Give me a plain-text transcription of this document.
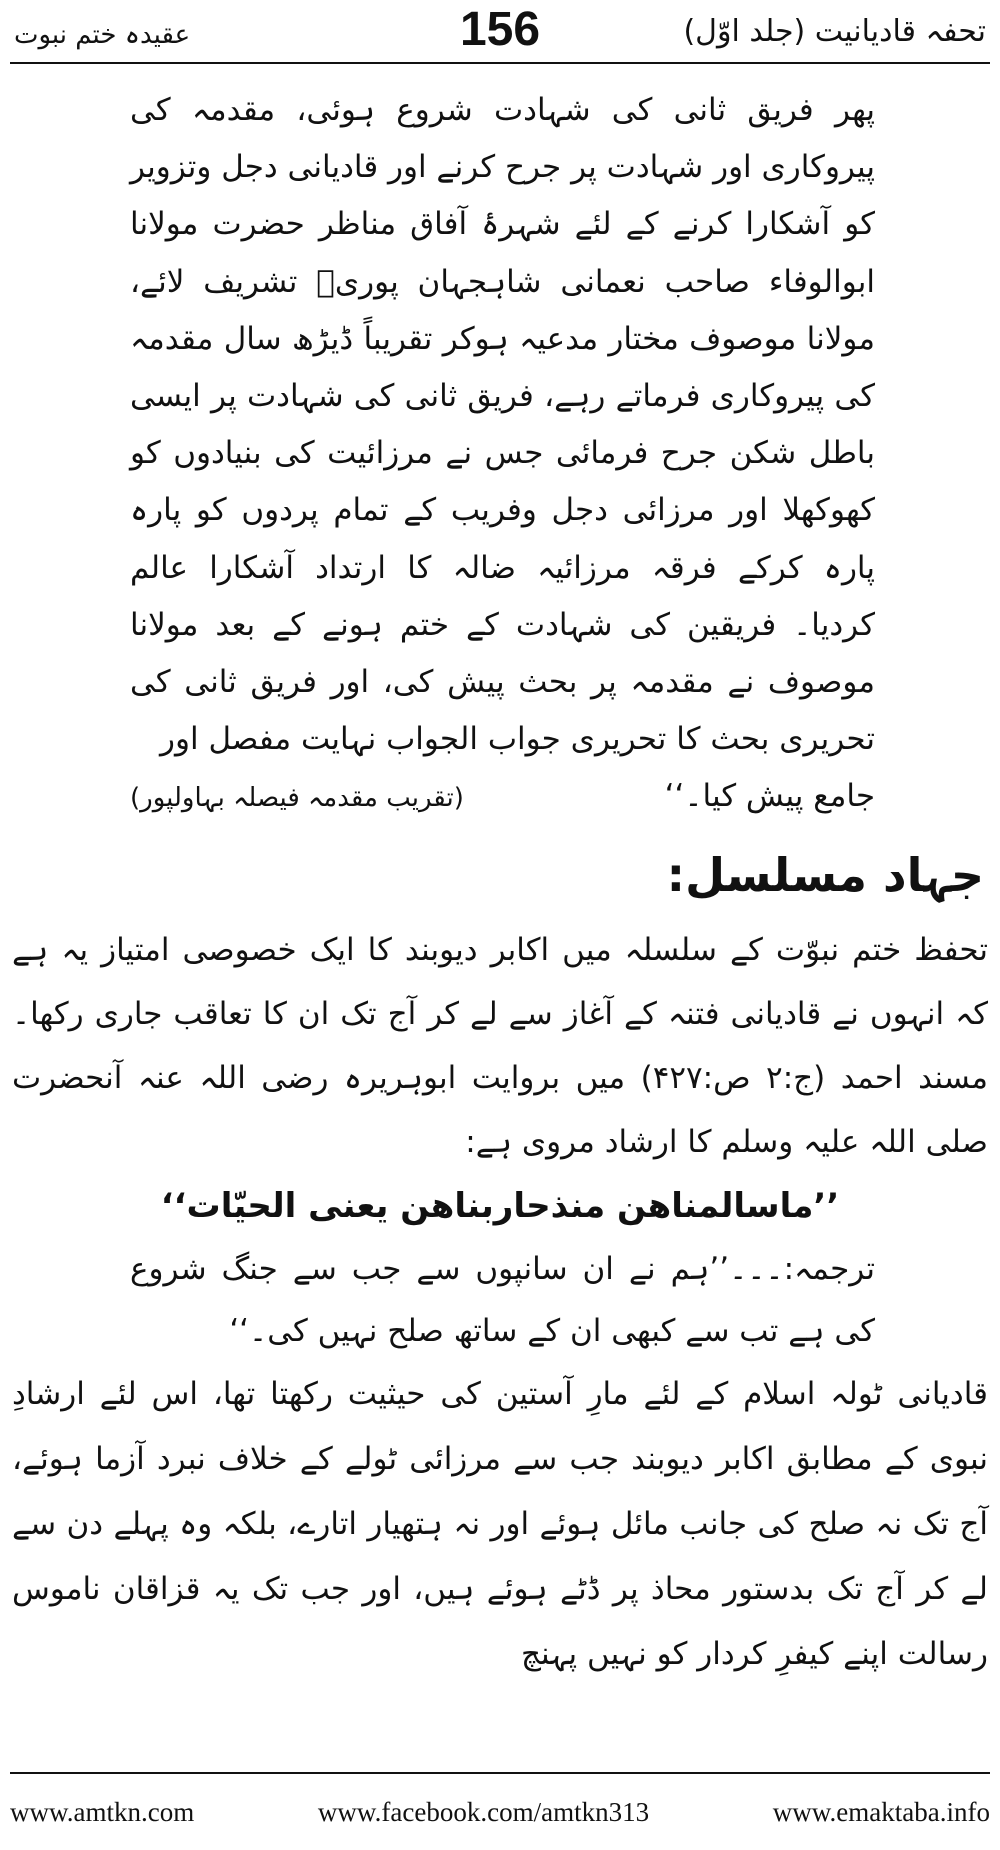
عقیدہ ختم نبوت	156	تحفہ قادیانیت (جلد اوّل)
پھر فریق ثانی کی شہادت شروع ہوئی، مقدمہ کی پیروکاری اور شہادت پر جرح کرنے اور قادیانی دجل وتزویر کو آشکارا کرنے کے لئے شہرۂ آفاق مناظر حضرت مولانا ابوالوفاء صاحب نعمانی شاہجہان پوریؒ تشریف لائے، مولانا موصوف مختار مدعیہ ہوکر تقریباً ڈیڑھ سال مقدمہ کی پیروکاری فرماتے رہے، فریق ثانی کی شہادت پر ایسی باطل شکن جرح فرمائی جس نے مرزائیت کی بنیادوں کو کھوکھلا اور مرزائی دجل وفریب کے تمام پردوں کو پارہ پارہ کرکے فرقہ مرزائیہ ضالہ کا ارتداد آشکارا عالم کردیا۔ فریقین کی شہادت کے ختم ہونے کے بعد مولانا موصوف نے مقدمہ پر بحث پیش کی، اور فریق ثانی کی تحریری بحث کا تحریری جواب الجواب نہایت مفصل اور
جامع پیش کیا۔‘‘
(تقریب مقدمہ فیصلہ بہاولپور)
جہاد مسلسل:

تحفظ ختم نبوّت کے سلسلہ میں اکابر دیوبند کا ایک خصوصی امتیاز یہ ہے کہ انہوں نے قادیانی فتنہ کے آغاز سے لے کر آج تک ان کا تعاقب جاری رکھا۔ مسند احمد (ج:۲ ص:۴۲۷) میں بروایت ابوہریرہ رضی اللہ عنہ آنحضرت صلی اللہ علیہ وسلم کا ارشاد مروی ہے:

’’ماسالمناهن منذحاربناهن يعنى الحيّات‘‘

ترجمہ:۔۔۔’’ہم نے ان سانپوں سے جب سے جنگ شروع کی ہے تب سے کبھی ان کے ساتھ صلح نہیں کی۔‘‘

قادیانی ٹولہ اسلام کے لئے مارِ آستین کی حیثیت رکھتا تھا، اس لئے ارشادِ نبوی کے مطابق اکابر دیوبند جب سے مرزائی ٹولے کے خلاف نبرد آزما ہوئے، آج تک نہ صلح کی جانب مائل ہوئے اور نہ ہتھیار اتارے، بلکہ وہ پہلے دن سے لے کر آج تک بدستور محاذ پر ڈٹے ہوئے ہیں، اور جب تک یہ قزاقان ناموس رسالت اپنے کیفرِ کردار کو نہیں پہنچ

www.amtkn.com	www.facebook.com/amtkn313	www.emaktaba.info
